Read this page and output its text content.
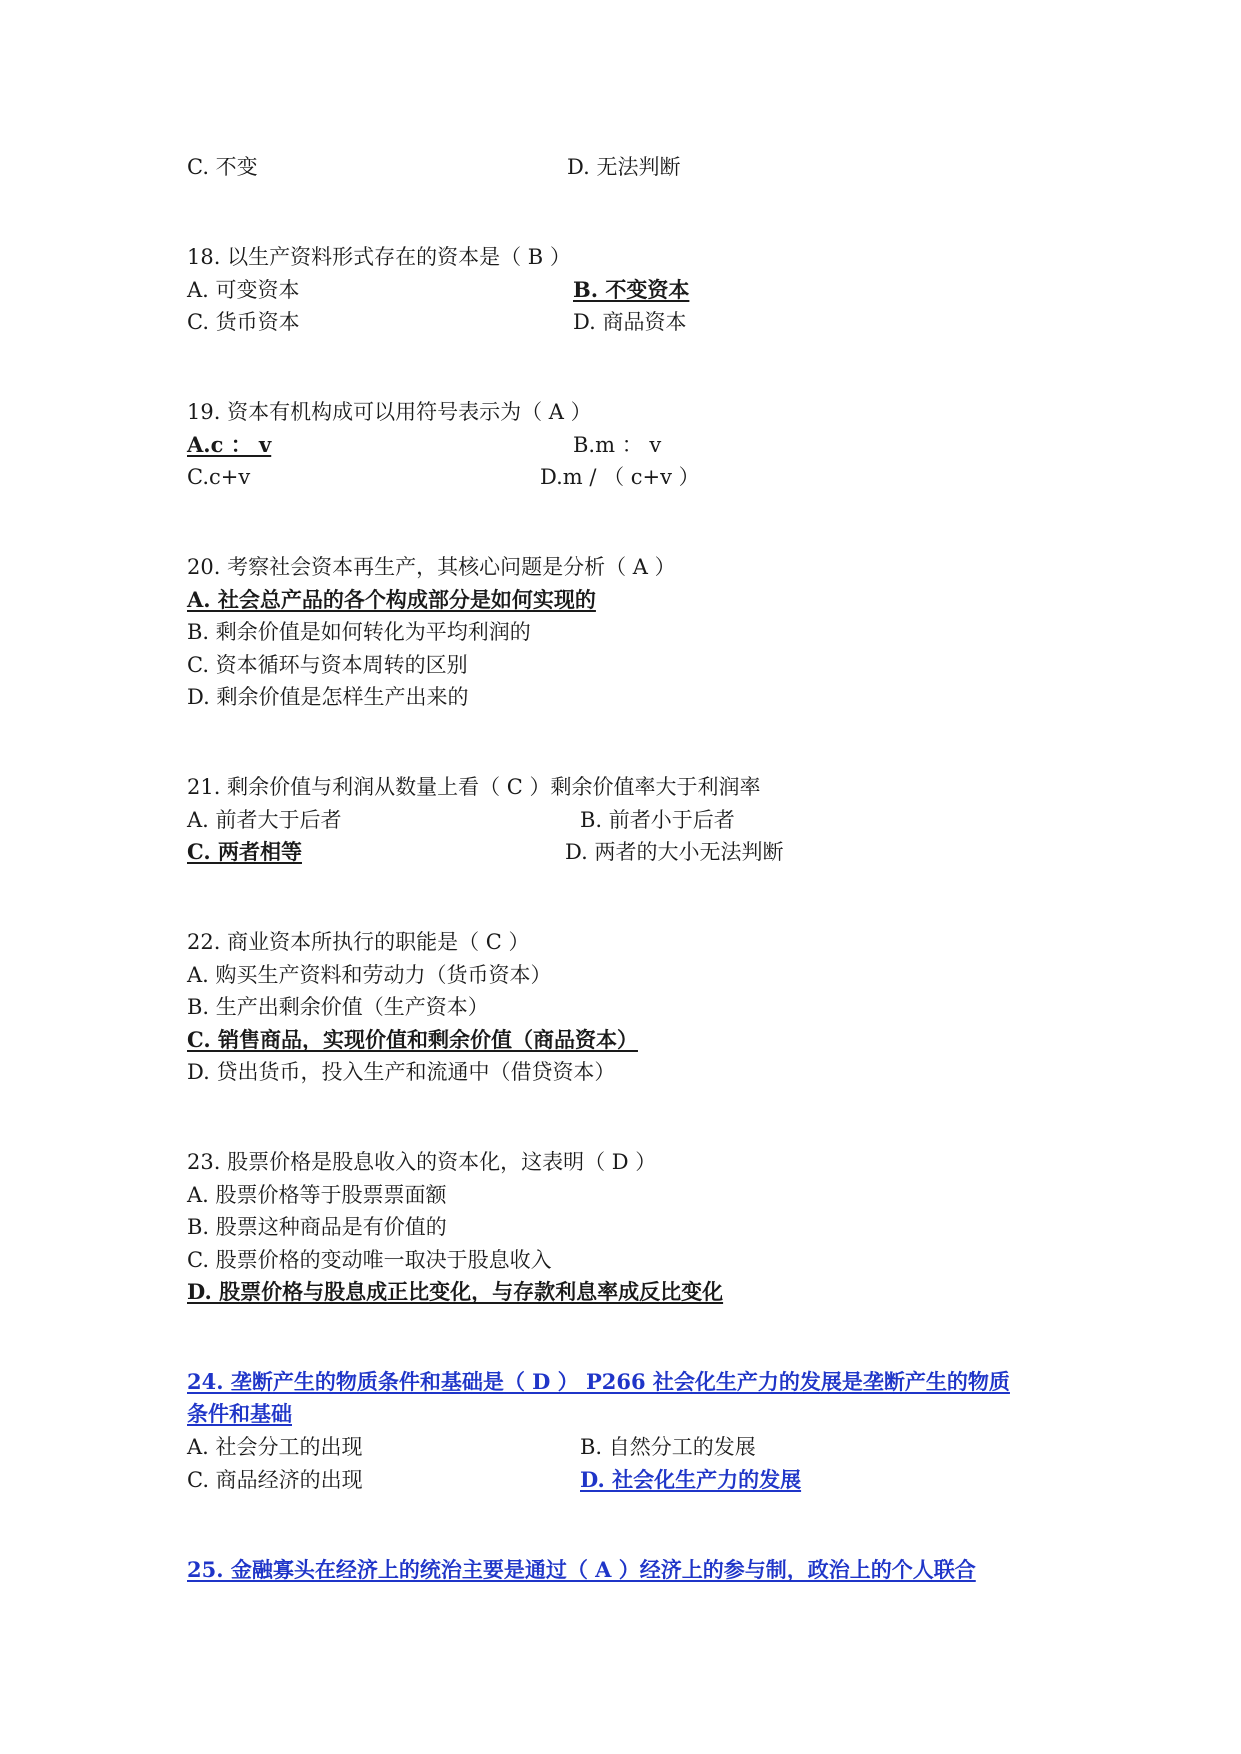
C. 不变	D. 无法判断
18. 以生产资料形式存在的资本是（ B ）
A. 可变资本	B. 不变资本
C. 货币资本	D. 商品资本
19. 资本有机构成可以用符号表示为（ A ）
A.c ： v	B.m ： v
C.c+v	D.m / （ c+v ）
20. 考察社会资本再生产，其核心问题是分析（ A ）
A. 社会总产品的各个构成部分是如何实现的
B. 剩余价值是如何转化为平均利润的
C. 资本循环与资本周转的区别
D. 剩余价值是怎样生产出来的
21. 剩余价值与利润从数量上看（ C ）剩余价值率大于利润率
A. 前者大于后者	B. 前者小于后者
C. 两者相等	D. 两者的大小无法判断
22. 商业资本所执行的职能是（ C ）
A. 购买生产资料和劳动力（货币资本）
B. 生产出剩余价值（生产资本）
C. 销售商品，实现价值和剩余价值（商品资本）
D. 贷出货币，投入生产和流通中（借贷资本）
23. 股票价格是股息收入的资本化，这表明（ D ）
A. 股票价格等于股票票面额
B. 股票这种商品是有价值的
C. 股票价格的变动唯一取决于股息收入
D. 股票价格与股息成正比变化，与存款利息率成反比变化
24. 垄断产生的物质条件和基础是（ D ） P266 社会化生产力的发展是垄断产生的物质
条件和基础
A. 社会分工的出现	B. 自然分工的发展
C. 商品经济的出现	D. 社会化生产力的发展
25. 金融寡头在经济上的统治主要是通过（ A ）经济上的参与制，政治上的个人联合
